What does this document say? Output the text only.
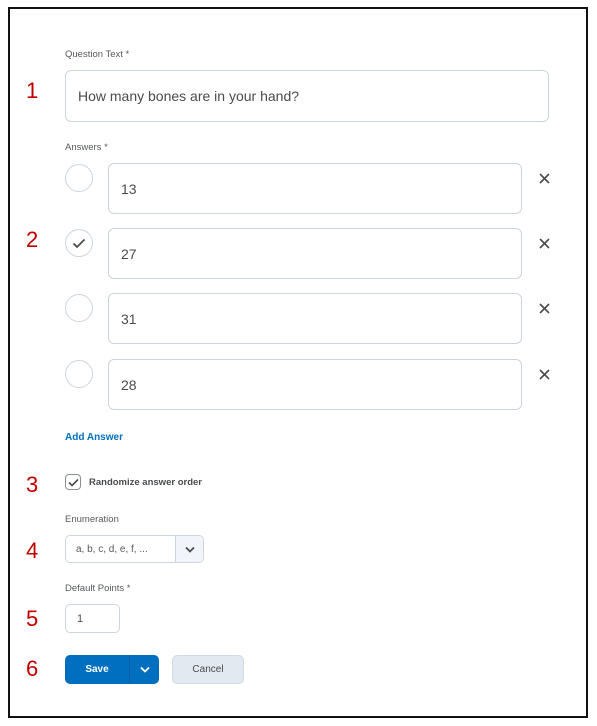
1
2
3
4
5
6
Question Text *
How many bones are in your hand?
Answers *
13
27
31
28
Add Answer
Randomize answer order
Enumeration
a, b, c, d, e, f, ...
Default Points *
1
Save	Cancel
